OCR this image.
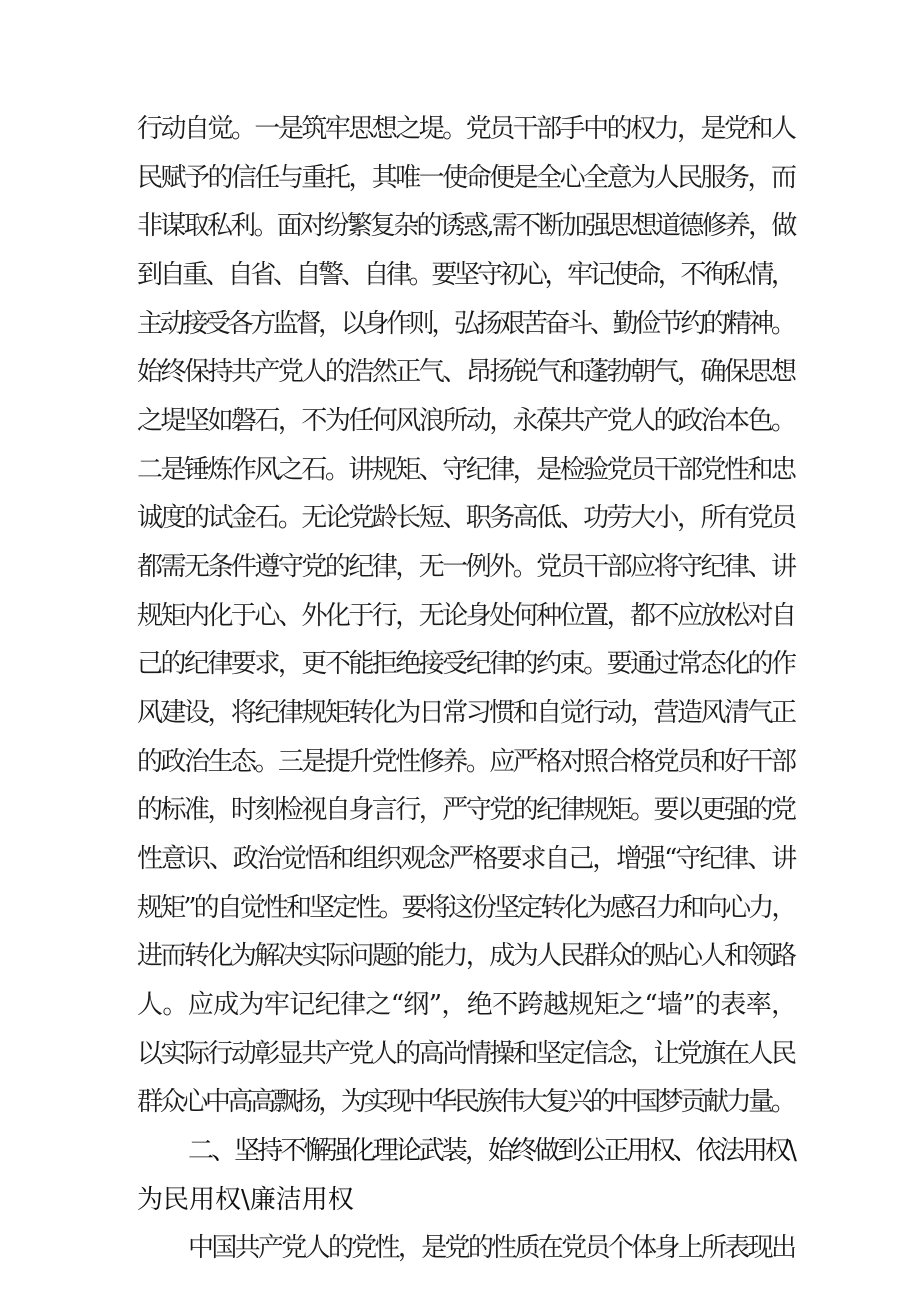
行动自觉。一是筑牢思想之堤。党员干部手中的权力，是党和人
民赋予的信任与重托，其唯一使命便是全心全意为人民服务，而
非谋取私利。面对纷繁复杂的诱惑,需不断加强思想道德修养，做
到自重、自省、自警、自律。要坚守初心，牢记使命，不徇私情，
主动接受各方监督，以身作则，弘扬艰苦奋斗、勤俭节约的精神。
始终保持共产党人的浩然正气、昂扬锐气和蓬勃朝气，确保思想
之堤坚如磐石，不为任何风浪所动，永葆共产党人的政治本色。
二是锤炼作风之石。讲规矩、守纪律，是检验党员干部党性和忠
诚度的试金石。无论党龄长短、职务高低、功劳大小，所有党员
都需无条件遵守党的纪律，无一例外。党员干部应将守纪律、讲
规矩内化于心、外化于行，无论身处何种位置，都不应放松对自
己的纪律要求，更不能拒绝接受纪律的约束。要通过常态化的作
风建设，将纪律规矩转化为日常习惯和自觉行动，营造风清气正
的政治生态。三是提升党性修养。应严格对照合格党员和好干部
的标准，时刻检视自身言行，严守党的纪律规矩。要以更强的党
性意识、政治觉悟和组织观念严格要求自己，增强“守纪律、讲
规矩”的自觉性和坚定性。要将这份坚定转化为感召力和向心力，
进而转化为解决实际问题的能力，成为人民群众的贴心人和领路
人。应成为牢记纪律之“纲”，绝不跨越规矩之“墙”的表率，
以实际行动彰显共产党人的高尚情操和坚定信念，让党旗在人民
群众心中高高飘扬，为实现中华民族伟大复兴的中国梦贡献力量。
二、坚持不懈强化理论武装，始终做到公正用权、依法用权\
为民用权\廉洁用权
中国共产党人的党性，是党的性质在党员个体身上所表现出
